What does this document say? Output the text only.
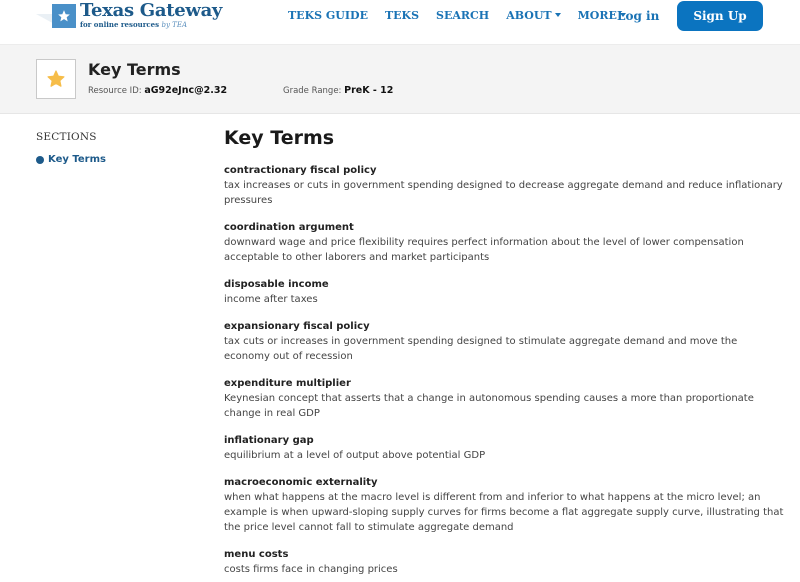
Texas Gateway
for online resources by TEA
TEKS GUIDE TEKS SEARCH ABOUT	MORE Log in	Sign Up
Key Terms
Resource ID: aG92eJnc@2.32	Grade Range: PreK - 12
SECTIONS
Key Terms
Key Terms
contractionary fiscal policy
tax increases or cuts in government spending designed to decrease aggregate demand and reduce inflationary pressures
coordination argument
downward wage and price flexibility requires perfect information about the level of lower compensation acceptable to other laborers and market participants
disposable income
income after taxes
expansionary fiscal policy
tax cuts or increases in government spending designed to stimulate aggregate demand and move the economy out of recession
expenditure multiplier
Keynesian concept that asserts that a change in autonomous spending causes a more than proportionate change in real GDP
inflationary gap
equilibrium at a level of output above potential GDP
macroeconomic externality
when what happens at the macro level is different from and inferior to what happens at the micro level; an example is when upward-sloping supply curves for firms become a flat aggregate supply curve, illustrating that the price level cannot fall to stimulate aggregate demand
menu costs
costs firms face in changing prices
